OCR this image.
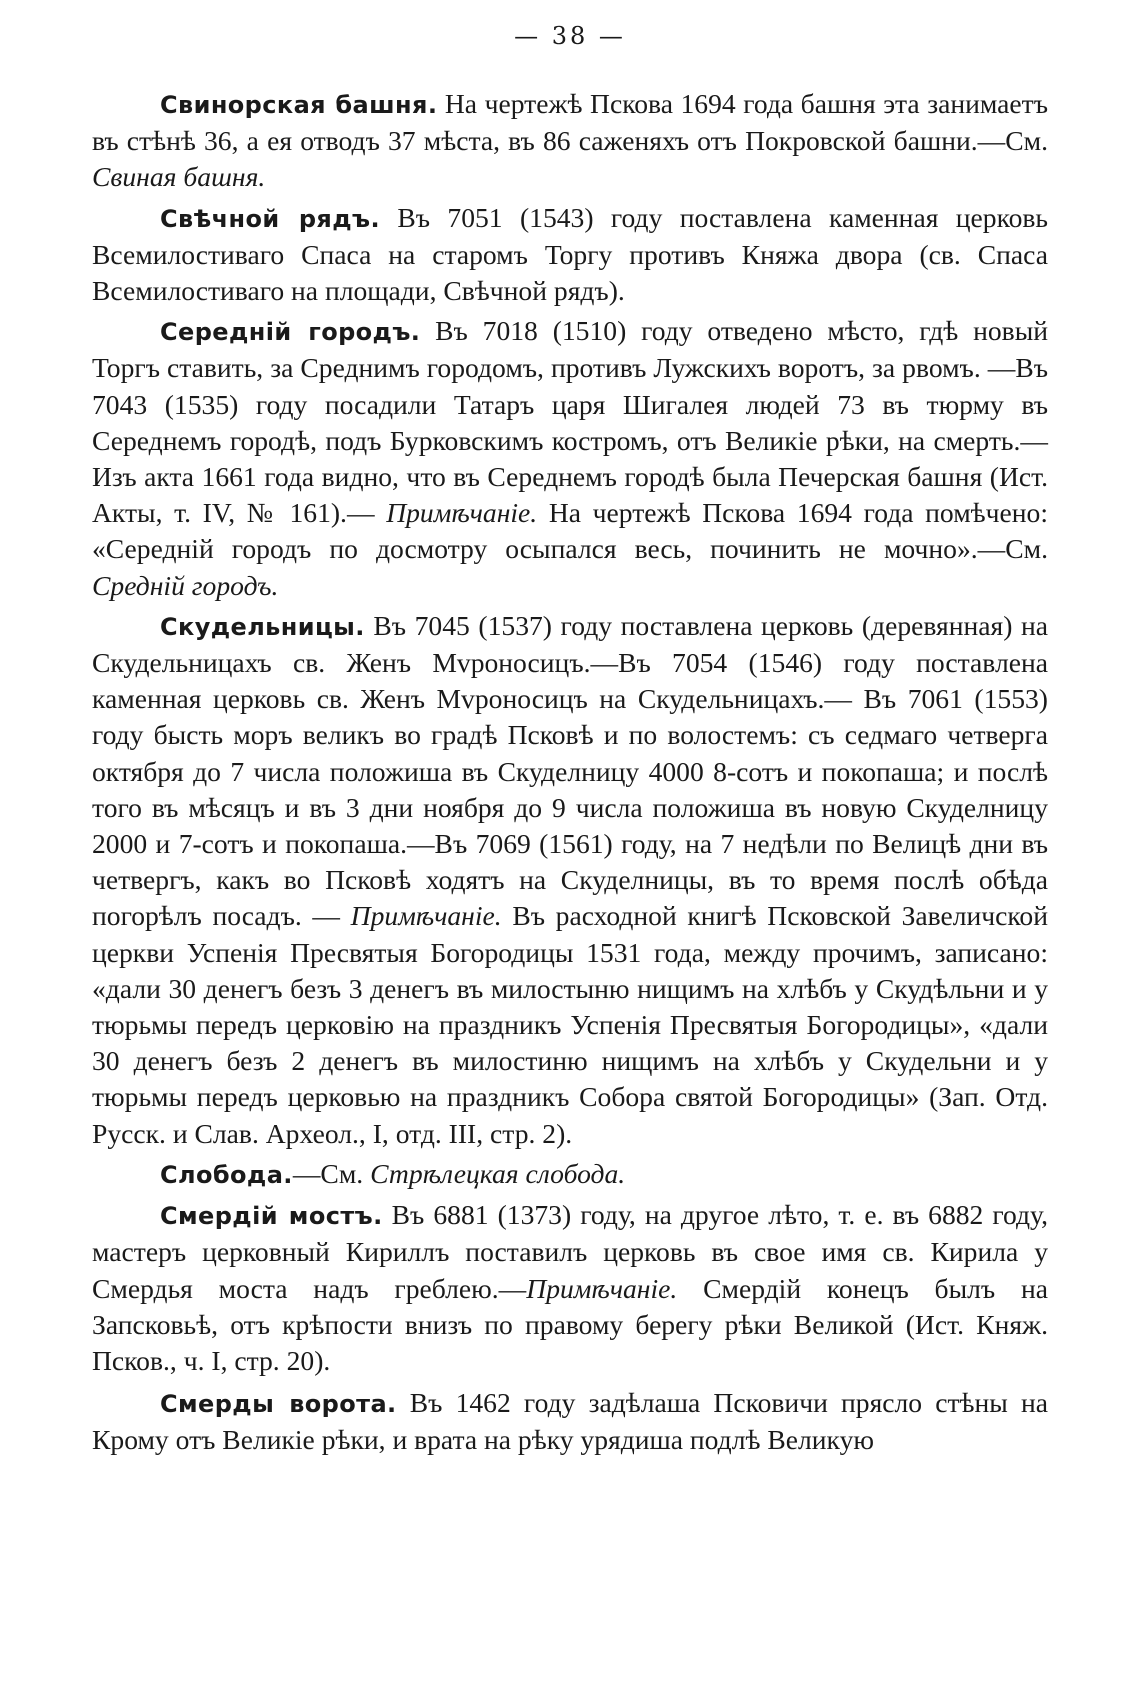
— 38 —

Свинорская башня. На чертежѣ Пскова 1694 года башня эта занимаетъ въ стѣнѣ 36, а ея отводъ 37 мѣста, въ 86 саженяхъ отъ Покровской башни.—См. Свиная башня.

Свѣчной рядъ. Въ 7051 (1543) году поставлена каменная церковь Всемилостиваго Спаса на старомъ Торгу противъ Княжа двора (св. Спаса Всемилостиваго на площади, Свѣчной рядъ).

Середній городъ. Въ 7018 (1510) году отведено мѣсто, гдѣ новый Торгъ ставить, за Среднимъ городомъ, противъ Лужскихъ воротъ, за рвомъ. —Въ 7043 (1535) году посадили Татаръ царя Шигалея людей 73 въ тюрму въ Середнемъ городѣ, подъ Бурковскимъ костромъ, отъ Великіе рѣки, на смерть.—Изъ акта 1661 года видно, что въ Середнемъ городѣ была Печерская башня (Ист. Акты, т. IV, № 161).— Примѣчаніе. На чертежѣ Пскова 1694 года помѣчено: «Середній городъ по досмотру осыпался весь, починить не мочно».—См. Средній городъ.

Скудельницы. Въ 7045 (1537) году поставлена церковь (деревянная) на Скудельницахъ св. Женъ Мvроносицъ.—Въ 7054 (1546) году поставлена каменная церковь св. Женъ Мvроносицъ на Скудельницахъ.— Въ 7061 (1553) году бысть моръ великъ во градѣ Псковѣ и по волостемъ: съ седмаго четверга октября до 7 числа положиша въ Скуделницу 4000 8-сотъ и покопаша; и послѣ того въ мѣсяцъ и въ 3 дни ноября до 9 числа положиша въ новую Скуделницу 2000 и 7-сотъ и покопаша.—Въ 7069 (1561) году, на 7 недѣли по Велицѣ дни въ четвергъ, какъ во Псковѣ ходятъ на Скуделницы, въ то время послѣ обѣда погорѣлъ посадъ. — Примѣчаніе. Въ расходной книгѣ Псковской Завеличской церкви Успенія Пресвятыя Богородицы 1531 года, между прочимъ, записано: «дали 30 денегъ безъ 3 денегъ въ милостыню нищимъ на хлѣбъ у Скудѣльни и у тюрьмы передъ церковію на праздникъ Успенія Пресвятыя Богородицы», «дали 30 денегъ безъ 2 денегъ въ милостиню нищимъ на хлѣбъ у Скудельни и у тюрьмы передъ церковью на праздникъ Собора святой Богородицы» (Зап. Отд. Русск. и Слав. Археол., I, отд. III, стр. 2).

Слобода.—См. Стрѣлецкая слобода.

Смердій мостъ. Въ 6881 (1373) году, на другое лѣто, т. е. въ 6882 году, мастеръ церковный Кириллъ поставилъ церковь въ свое имя св. Кирила у Смердья моста надъ греблею.—Примѣчаніе. Смердій конецъ былъ на Запсковьѣ, отъ крѣпости внизъ по правому берегу рѣки Великой (Ист. Княж. Псков., ч. I, стр. 20).

Смерды ворота. Въ 1462 году задѣлаша Псковичи прясло стѣны на Крому отъ Великіе рѣки, и врата на рѣку урядиша подлѣ Великую
